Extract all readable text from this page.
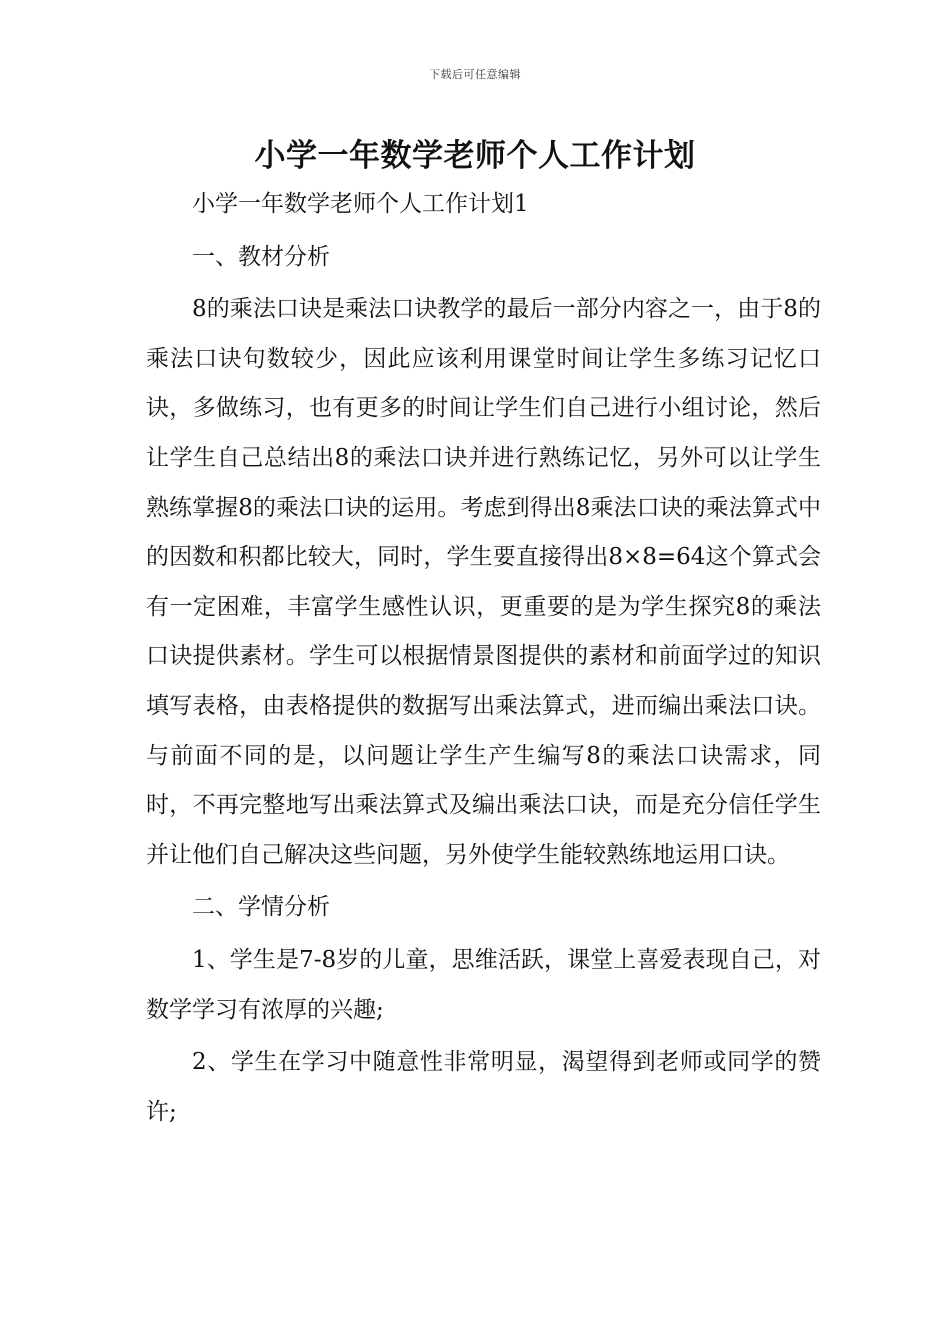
下载后可任意编辑
小学一年数学老师个人工作计划

小学一年数学老师个人工作计划1

一、教材分析

8的乘法口诀是乘法口诀教学的最后一部分内容之一，由于8的乘法口诀句数较少，因此应该利用课堂时间让学生多练习记忆口诀，多做练习，也有更多的时间让学生们自己进行小组讨论，然后让学生自己总结出8的乘法口诀并进行熟练记忆，另外可以让学生熟练掌握8的乘法口诀的运用。考虑到得出8乘法口诀的乘法算式中的因数和积都比较大，同时，学生要直接得出8×8=64这个算式会有一定困难，丰富学生感性认识，更重要的是为学生探究8的乘法口诀提供素材。学生可以根据情景图提供的素材和前面学过的知识填写表格，由表格提供的数据写出乘法算式，进而编出乘法口诀。与前面不同的是，以问题让学生产生编写8的乘法口诀需求，同时，不再完整地写出乘法算式及编出乘法口诀，而是充分信任学生并让他们自己解决这些问题，另外使学生能较熟练地运用口诀。

二、学情分析

1、学生是7-8岁的儿童，思维活跃，课堂上喜爱表现自己，对数学学习有浓厚的兴趣;

2、学生在学习中随意性非常明显，渴望得到老师或同学的赞许;
